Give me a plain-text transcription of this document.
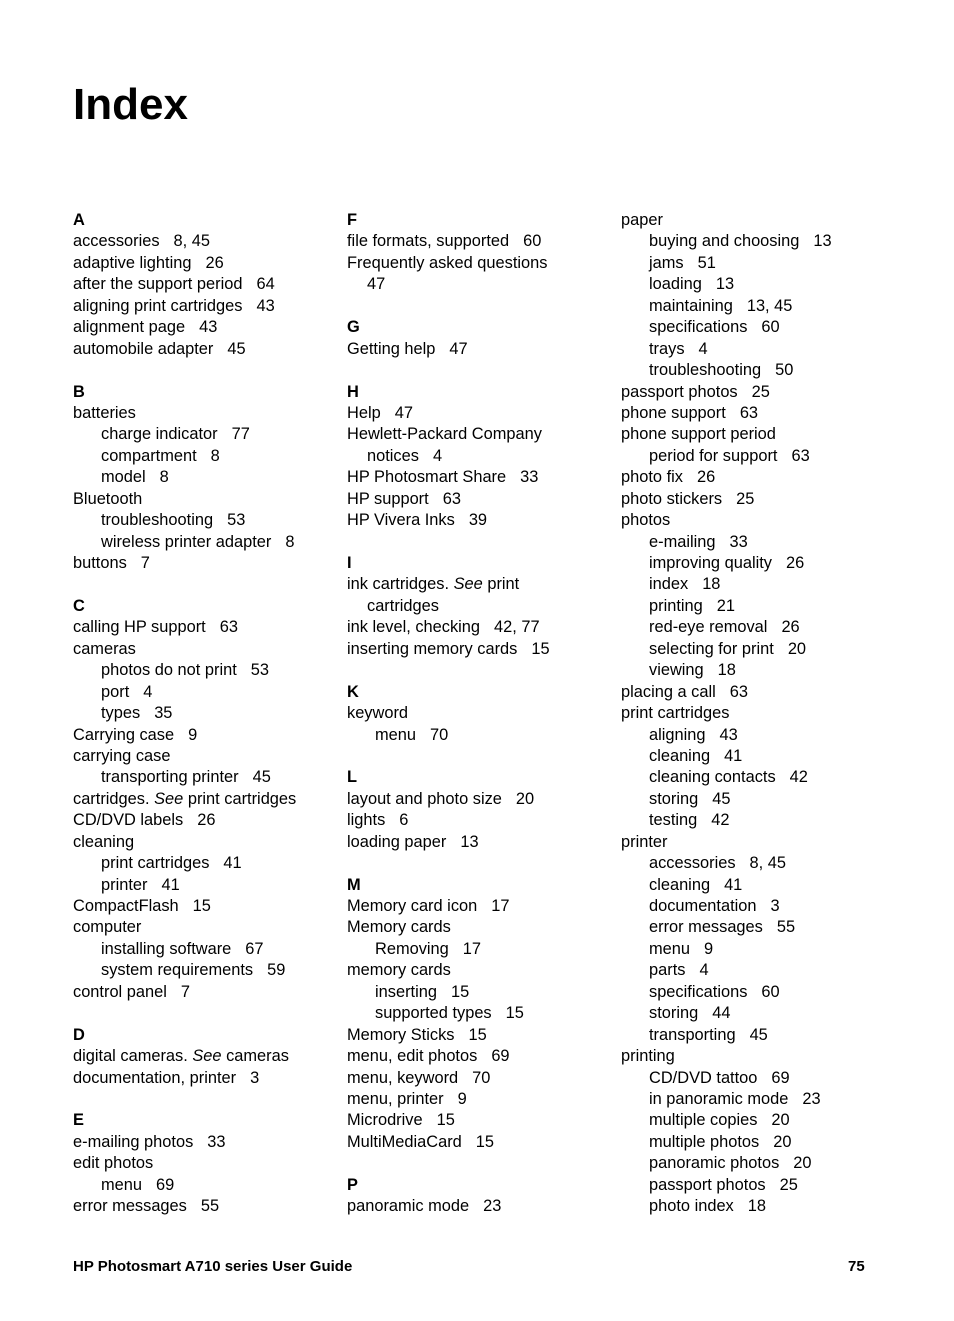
Index
A
accessories 8, 45
adaptive lighting 26
after the support period 64
aligning print cartridges 43
alignment page 43
automobile adapter 45
B
batteries
charge indicator 77
compartment 8
model 8
Bluetooth
troubleshooting 53
wireless printer adapter 8
buttons 7
C
calling HP support 63
cameras
photos do not print 53
port 4
types 35
Carrying case 9
carrying case
transporting printer 45
cartridges. See print cartridges
CD/DVD labels 26
cleaning
print cartridges 41
printer 41
CompactFlash 15
computer
installing software 67
system requirements 59
control panel 7
D
digital cameras. See cameras
documentation, printer 3
E
e-mailing photos 33
edit photos
menu 69
error messages 55
F
file formats, supported 60
Frequently asked questions
47
G
Getting help 47
H
Help 47
Hewlett-Packard Company
notices 4
HP Photosmart Share 33
HP support 63
HP Vivera Inks 39
I
ink cartridges. See print
cartridges
ink level, checking 42, 77
inserting memory cards 15
K
keyword
menu 70
L
layout and photo size 20
lights 6
loading paper 13
M
Memory card icon 17
Memory cards
Removing 17
memory cards
inserting 15
supported types 15
Memory Sticks 15
menu, edit photos 69
menu, keyword 70
menu, printer 9
Microdrive 15
MultiMediaCard 15
P
panoramic mode 23
paper
buying and choosing 13
jams 51
loading 13
maintaining 13, 45
specifications 60
trays 4
troubleshooting 50
passport photos 25
phone support 63
phone support period
period for support 63
photo fix 26
photo stickers 25
photos
e-mailing 33
improving quality 26
index 18
printing 21
red-eye removal 26
selecting for print 20
viewing 18
placing a call 63
print cartridges
aligning 43
cleaning 41
cleaning contacts 42
storing 45
testing 42
printer
accessories 8, 45
cleaning 41
documentation 3
error messages 55
menu 9
parts 4
specifications 60
storing 44
transporting 45
printing
CD/DVD tattoo 69
in panoramic mode 23
multiple copies 20
multiple photos 20
panoramic photos 20
passport photos 25
photo index 18
HP Photosmart A710 series User Guide	75
